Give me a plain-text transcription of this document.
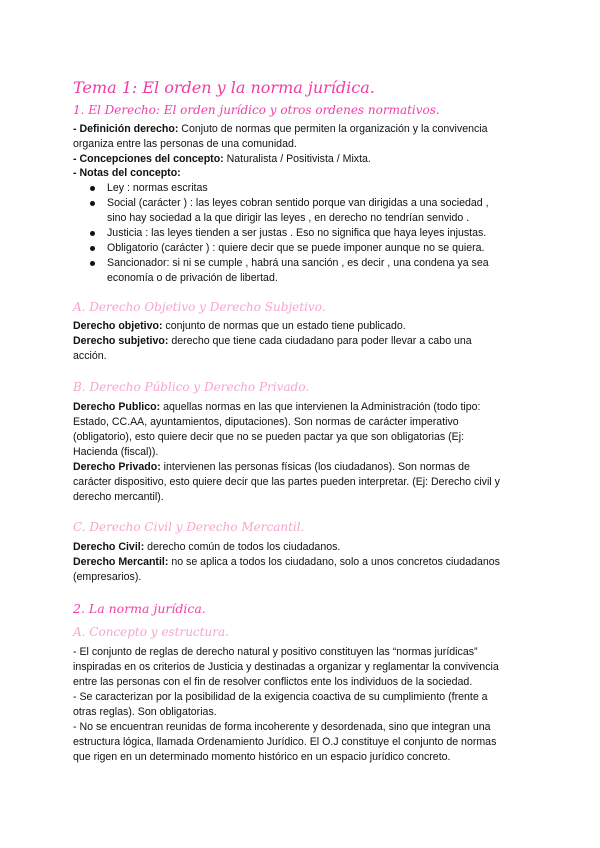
Tema 1: El orden y la norma jurídica.
1. El Derecho: El orden jurídico y otros ordenes normativos.
- Definición derecho: Conjuto de normas que permiten la organización y la convivencia
organiza entre las personas de una comunidad.
- Concepciones del concepto: Naturalista / Positivista / Mixta.
- Notas del concepto:
Ley : normas escritas
Social (carácter ) : las leyes cobran sentido porque van dirigidas a una sociedad ,
sino hay sociedad a la que dirigir las leyes , en derecho no tendrían senvido .
Justicia : las leyes tienden a ser justas . Eso no significa que haya leyes injustas.
Obligatorio (carácter ) : quiere decir que se puede imponer aunque no se quiera.
Sancionador: si ni se cumple , habrá una sanción , es decir , una condena ya sea
economía o de privación de libertad.
A. Derecho Objetivo y Derecho Subjetivo.
Derecho objetivo: conjunto de normas que un estado tiene publicado.
Derecho subjetivo: derecho que tiene cada ciudadano para poder llevar a cabo una
acción.
B. Derecho Público y Derecho Privado.
Derecho Publico: aquellas normas en las que intervienen la Administración (todo tipo:
Estado, CC.AA, ayuntamientos, diputaciones). Son normas de carácter imperativo
(obligatorio), esto quiere decir que no se pueden pactar ya que son obligatorias (Ej:
Hacienda (fiscal)).
Derecho Privado: intervienen las personas físicas (los ciudadanos). Son normas de
carácter dispositivo, esto quiere decir que las partes pueden interpretar. (Ej: Derecho civil y
derecho mercantil).
C. Derecho Civil y Derecho Mercantil.
Derecho Civil: derecho común de todos los ciudadanos.
Derecho Mercantil: no se aplica a todos los ciudadano, solo a unos concretos ciudadanos
(empresarios).
2. La norma jurídica.
A. Concepto y estructura.
- El conjunto de reglas de derecho natural y positivo constituyen las “normas jurídicas”
inspiradas en os criterios de Justicia y destinadas a organizar y reglamentar la convivencia
entre las personas con el fin de resolver conflictos ente los individuos de la sociedad.
- Se caracterizan por la posibilidad de la exigencia coactiva de su cumplimiento (frente a
otras reglas). Son obligatorias.
- No se encuentran reunidas de forma incoherente y desordenada, sino que integran una
estructura lógica, llamada Ordenamiento Jurídico. El O.J constituye el conjunto de normas
que rigen en un determinado momento histórico en un espacio jurídico concreto.
